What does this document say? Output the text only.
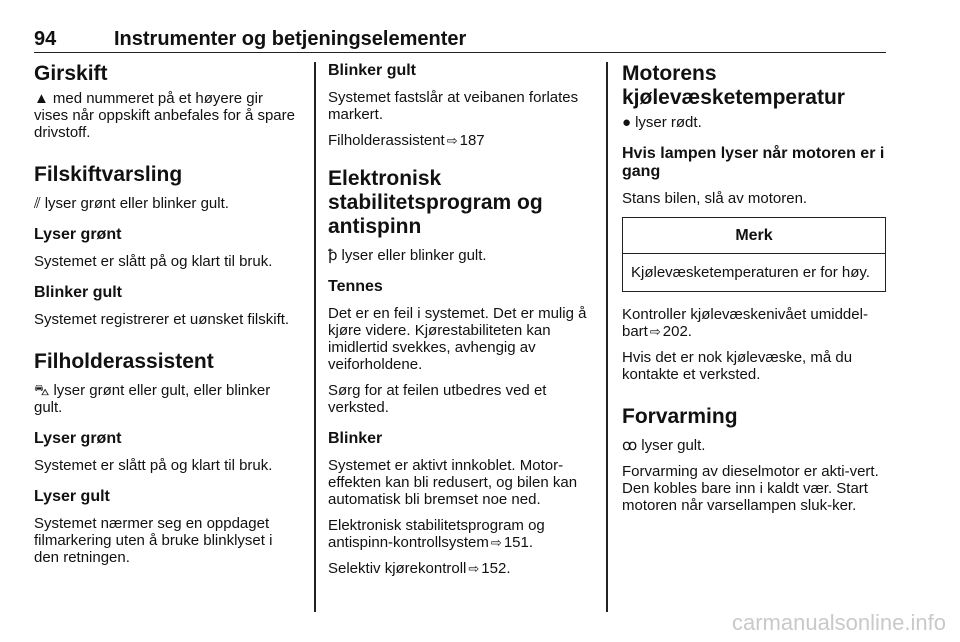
94	Instrumenter og betjeningselementer
Girskift

▲ med nummeret på et høyere gir vises når oppskift anbefales for å spare drivstoff.

Filskiftvarsling

⫽ lyser grønt eller blinker gult.

Lyser grønt

Systemet er slått på og klart til bruk.

Blinker gult

Systemet registrerer et uønsket filskift.

Filholderassistent

⛍ lyser grønt eller gult, eller blinker gult.

Lyser grønt

Systemet er slått på og klart til bruk.

Lyser gult

Systemet nærmer seg en oppdaget filmarkering uten å bruke blinklyset i den retningen.

Blinker gult

Systemet fastslår at veibanen forlates markert.

Filholderassistent ⇨ 187

Elektronisk stabilitetsprogram og antispinn

ꝥ lyser eller blinker gult.

Tennes

Det er en feil i systemet. Det er mulig å kjøre videre. Kjørestabiliteten kan imidlertid svekkes, avhengig av veiforholdene.

Sørg for at feilen utbedres ved et verksted.

Blinker

Systemet er aktivt innkoblet. Motor-effekten kan bli redusert, og bilen kan automatisk bli bremset noe ned.

Elektronisk stabilitetsprogram og antispinn-kontrollsystem ⇨ 151.

Selektiv kjørekontroll ⇨ 152.

Motorens kjølevæsketemperatur

● lyser rødt.

Hvis lampen lyser når motoren er i gang

Stans bilen, slå av motoren.

Merk
Kjølevæsketemperaturen er for høy.

Kontroller kjølevæskenivået umiddel-bart ⇨ 202.

Hvis det er nok kjølevæske, må du kontakte et verksted.

Forvarming

ꝏ lyser gult.

Forvarming av dieselmotor er akti-vert. Den kobles bare inn i kaldt vær. Start motoren når varsellampen sluk-ker.

carmanualsonline.info
